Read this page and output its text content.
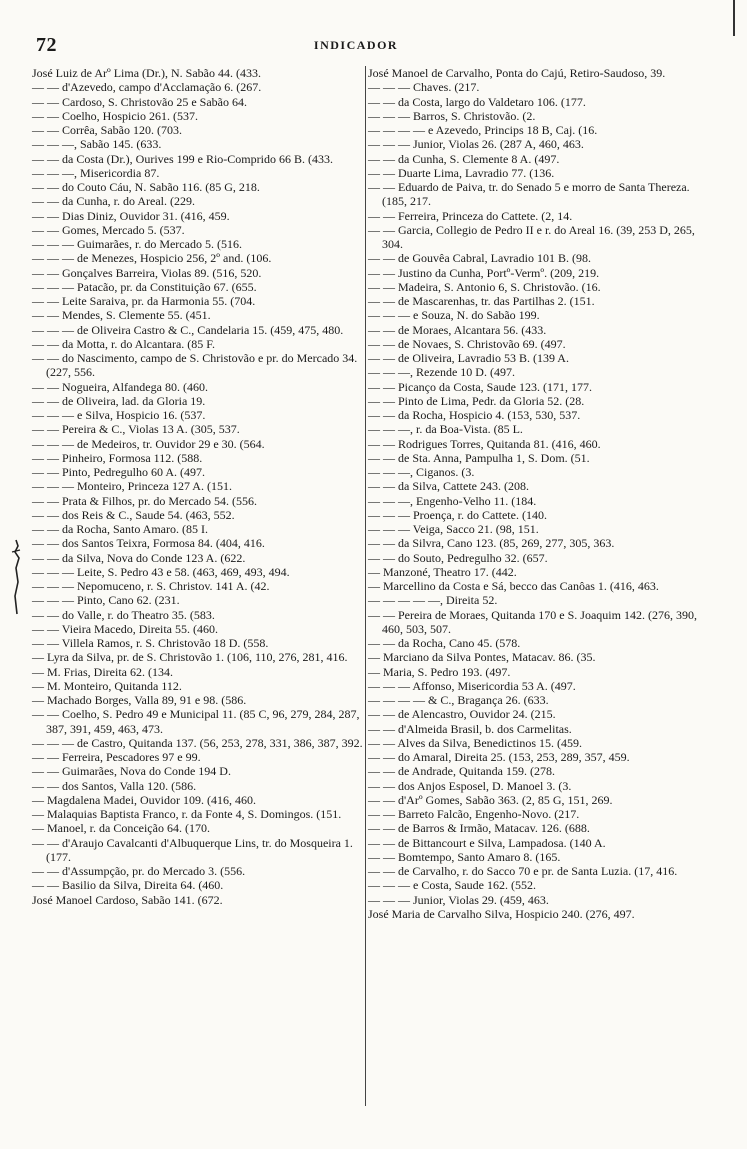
72	INDICADOR
José Luiz de Arº Lima (Dr.), N. Sabão 44. (433.
— — d'Azevedo, campo d'Acclamação 6. (267.
— — Cardoso, S. Christovão 25 e Sabão 64.
— — Coelho, Hospicio 261. (537.
— — Corrêa, Sabão 120. (703.
— — —, Sabão 145. (633.
— — da Costa (Dr.), Ourives 199 e Rio-Comprido 66 B. (433.
— — —, Misericordia 87.
— — do Couto Cáu, N. Sabão 116. (85 G, 218.
— — da Cunha, r. do Areal. (229.
— — Dias Diniz, Ouvidor 31. (416, 459.
— — Gomes, Mercado 5. (537.
— — — Guimarães, r. do Mercado 5. (516.
— — — de Menezes, Hospicio 256, 2º and. (106.
— — Gonçalves Barreira, Violas 89. (516, 520.
— — — Patacão, pr. da Constituição 67. (655.
— — Leite Saraiva, pr. da Harmonia 55. (704.
— — Mendes, S. Clemente 55. (451.
— — — de Oliveira Castro & C., Candelaria 15. (459, 475, 480.
— — da Motta, r. do Alcantara. (85 F.
— — do Nascimento, campo de S. Christovão e pr. do Mercado 34. (227, 556.
— — Nogueira, Alfandega 80. (460.
— — de Oliveira, lad. da Gloria 19.
— — — e Silva, Hospicio 16. (537.
— — Pereira & C., Violas 13 A. (305, 537.
— — — de Medeiros, tr. Ouvidor 29 e 30. (564.
— — Pinheiro, Formosa 112. (588.
— — Pinto, Pedregulho 60 A. (497.
— — — Monteiro, Princeza 127 A. (151.
— — Prata & Filhos, pr. do Mercado 54. (556.
— — dos Reis & C., Saude 54. (463, 552.
— — da Rocha, Santo Amaro. (85 I.
— — dos Santos Teixra, Formosa 84. (404, 416.
— — da Silva, Nova do Conde 123 A. (622.
— — — Leite, S. Pedro 43 e 58. (463, 469, 493, 494.
— — — Nepomuceno, r. S. Christov. 141 A. (42.
— — — Pinto, Cano 62. (231.
— — do Valle, r. do Theatro 35. (583.
— — Vieira Macedo, Direita 55. (460.
— — Villela Ramos, r. S. Christovão 18 D. (558.
— Lyra da Silva, pr. de S. Christovão 1. (106, 110, 276, 281, 416.
— M. Frias, Direita 62. (134.
— M. Monteiro, Quitanda 112.
— Machado Borges, Valla 89, 91 e 98. (586.
— — Coelho, S. Pedro 49 e Municipal 11. (85 C, 96, 279, 284, 287, 387, 391, 459, 463, 473.
— — — de Castro, Quitanda 137. (56, 253, 278, 331, 386, 387, 392.
— — Ferreira, Pescadores 97 e 99.
— — Guimarães, Nova do Conde 194 D.
— — dos Santos, Valla 120. (586.
— Magdalena Madei, Ouvidor 109. (416, 460.
— Malaquias Baptista Franco, r. da Fonte 4, S. Domingos. (151.
— Manoel, r. da Conceição 64. (170.
— — d'Araujo Cavalcanti d'Albuquerque Lins, tr. do Mosqueira 1. (177.
— — d'Assumpção, pr. do Mercado 3. (556.
— — Basilio da Silva, Direita 64. (460.
José Manoel Cardoso, Sabão 141. (672.
José Manoel de Carvalho, Ponta do Cajú, Retiro-Saudoso, 39.
— — — Chaves. (217.
— — da Costa, largo do Valdetaro 106. (177.
— — — Barros, S. Christovão. (2.
— — — — e Azevedo, Princips 18 B, Caj. (16.
— — — Junior, Violas 26. (287 A, 460, 463.
— — da Cunha, S. Clemente 8 A. (497.
— — Duarte Lima, Lavradio 77. (136.
— — Eduardo de Paiva, tr. do Senado 5 e morro de Santa Thereza. (185, 217.
— — Ferreira, Princeza do Cattete. (2, 14.
— — Garcia, Collegio de Pedro II e r. do Areal 16. (39, 253 D, 265, 304.
— — de Gouvêa Cabral, Lavradio 101 B. (98.
— — Justino da Cunha, Portº-Vermº. (209, 219.
— — Madeira, S. Antonio 6, S. Christovão. (16.
— — de Mascarenhas, tr. das Partilhas 2. (151.
— — — e Souza, N. do Sabão 199.
— — de Moraes, Alcantara 56. (433.
— — de Novaes, S. Christovão 69. (497.
— — de Oliveira, Lavradio 53 B. (139 A.
— — —, Rezende 10 D. (497.
— — Picanço da Costa, Saude 123. (171, 177.
— — Pinto de Lima, Pedr. da Gloria 52. (28.
— — da Rocha, Hospicio 4. (153, 530, 537.
— — —, r. da Boa-Vista. (85 L.
— — Rodrigues Torres, Quitanda 81. (416, 460.
— — de Sta. Anna, Pampulha 1, S. Dom. (51.
— — —, Ciganos. (3.
— — da Silva, Cattete 243. (208.
— — —, Engenho-Velho 11. (184.
— — — Proença, r. do Cattete. (140.
— — — Veiga, Sacco 21. (98, 151.
— — da Silvra, Cano 123. (85, 269, 277, 305, 363.
— — do Souto, Pedregulho 32. (657.
— Manzoné, Theatro 17. (442.
— Marcellino da Costa e Sá, becco das Canôas 1. (416, 463.
— — — — —, Direita 52.
— — Pereira de Moraes, Quitanda 170 e S. Joaquim 142. (276, 390, 460, 503, 507.
— — da Rocha, Cano 45. (578.
— Marciano da Silva Pontes, Matacav. 86. (35.
— Maria, S. Pedro 193. (497.
— — — Affonso, Misericordia 53 A. (497.
— — — — & C., Bragança 26. (633.
— — de Alencastro, Ouvidor 24. (215.
— — d'Almeida Brasil, b. dos Carmelitas.
— — Alves da Silva, Benedictinos 15. (459.
— — do Amaral, Direita 25. (153, 253, 289, 357, 459.
— — de Andrade, Quitanda 159. (278.
— — dos Anjos Esposel, D. Manoel 3. (3.
— — d'Arº Gomes, Sabão 363. (2, 85 G, 151, 269.
— — Barreto Falcão, Engenho-Novo. (217.
— — de Barros & Irmão, Matacav. 126. (688.
— — de Bittancourt e Silva, Lampadosa. (140 A.
— — Bomtempo, Santo Amaro 8. (165.
— — de Carvalho, r. do Sacco 70 e pr. de Santa Luzia. (17, 416.
— — — e Costa, Saude 162. (552.
— — — Junior, Violas 29. (459, 463.
José Maria de Carvalho Silva, Hospicio 240. (276, 497.
